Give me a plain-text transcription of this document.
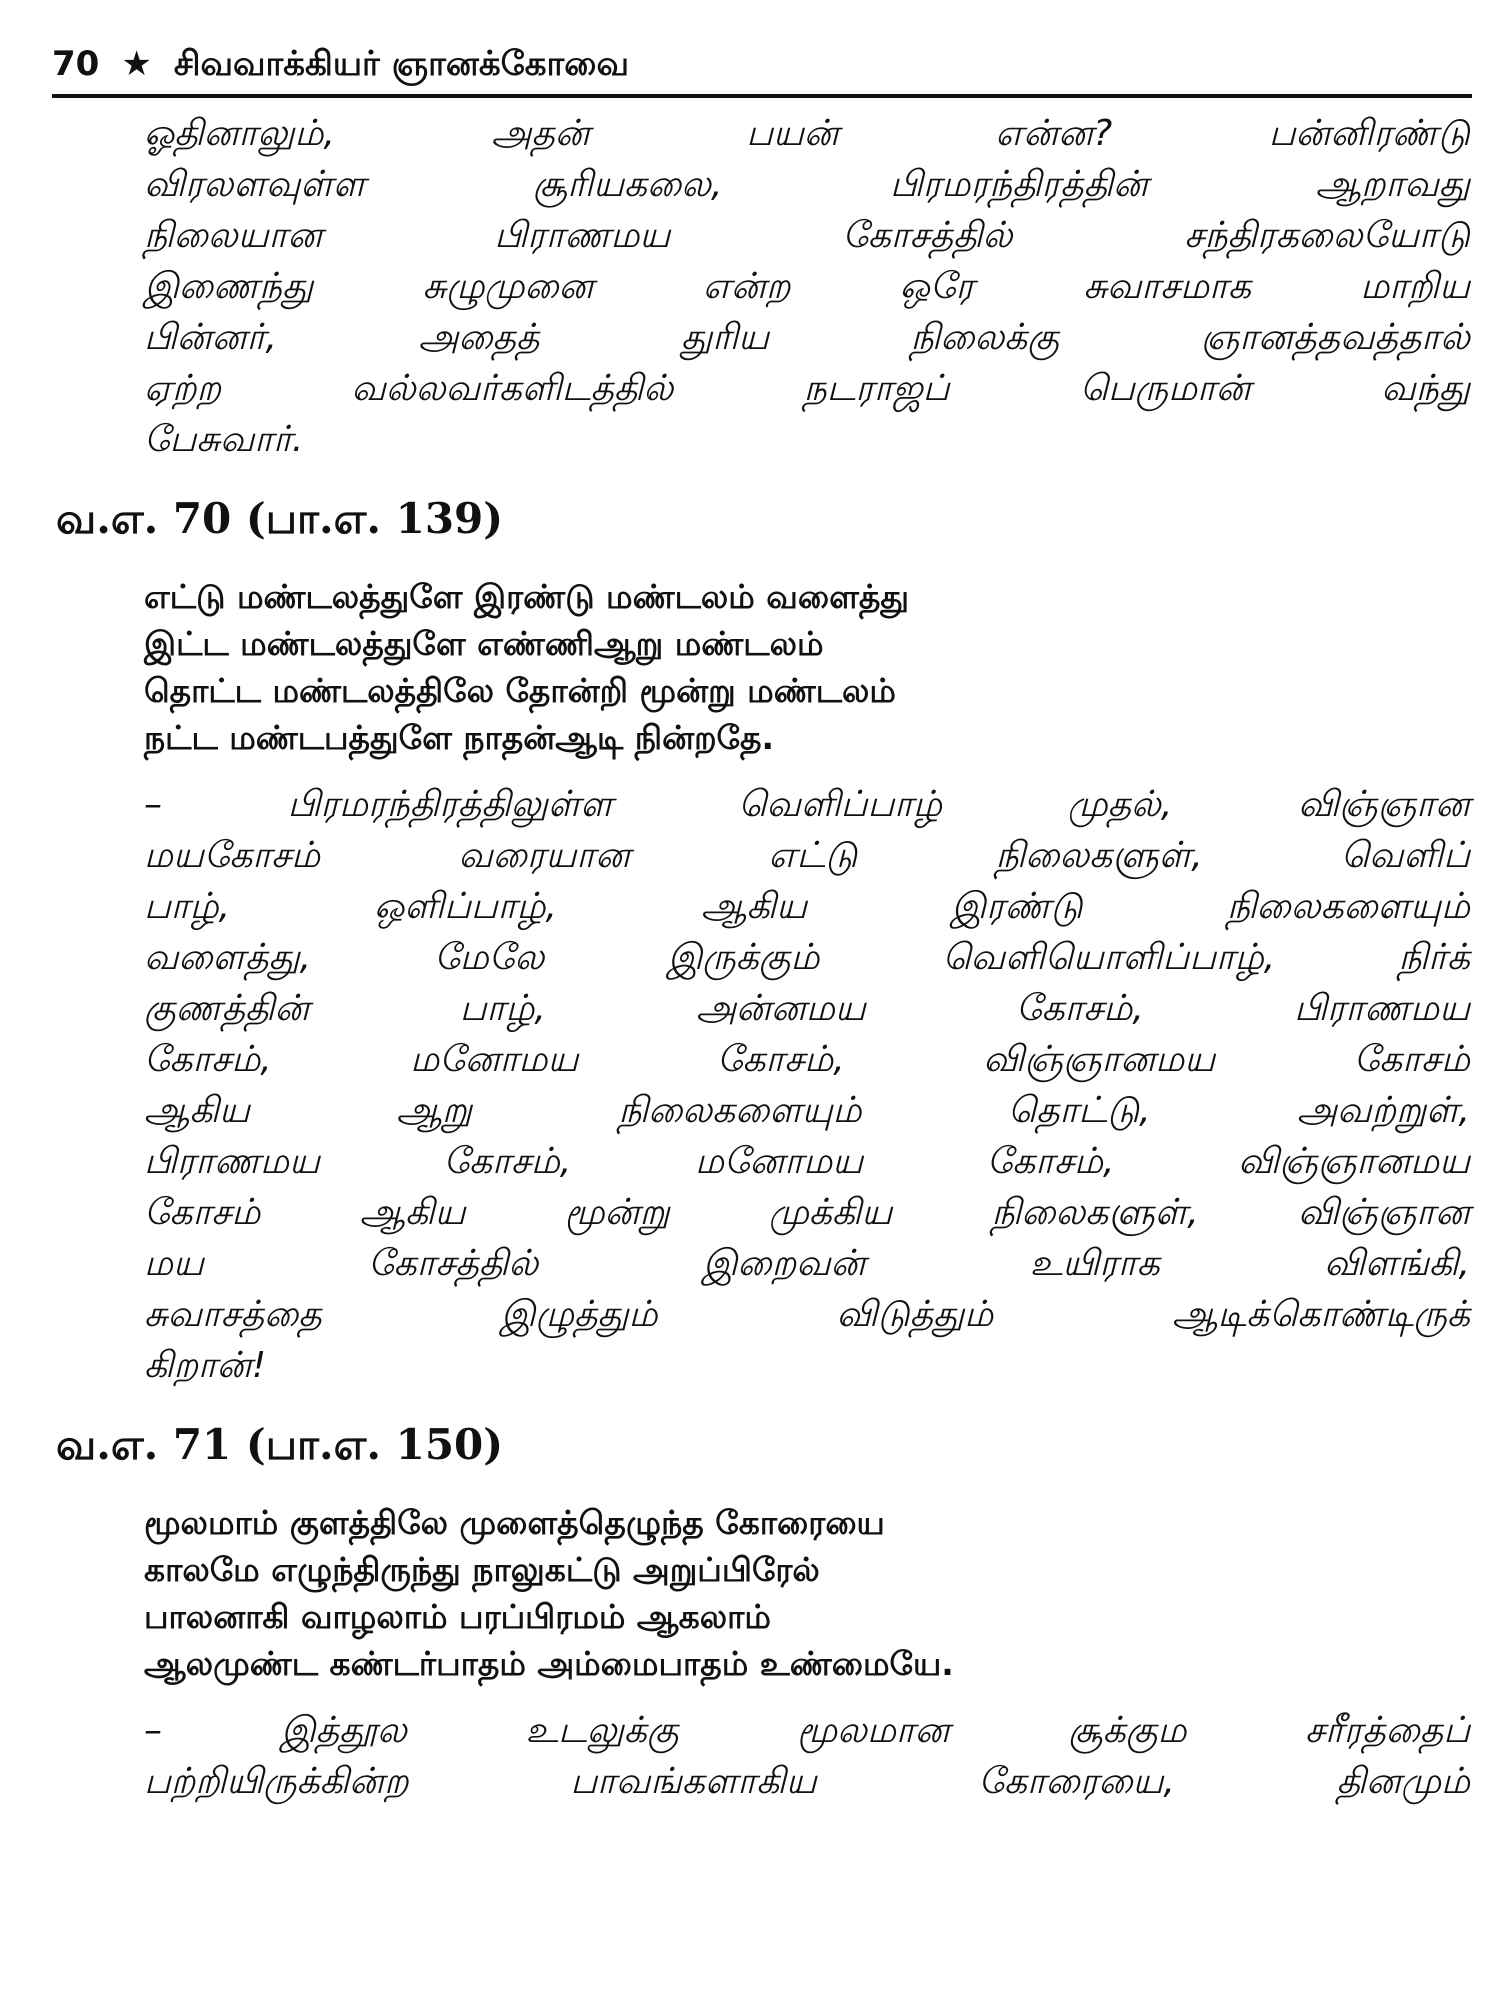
70 ★ சிவவாக்கியர் ஞானக்கோவை
ஓதினாலும், அதன் பயன் என்ன? பன்னிரண்டு
விரலளவுள்ள சூரியகலை, பிரமரந்திரத்தின் ஆறாவது
நிலையான பிராணமய கோசத்தில் சந்திரகலையோடு
இணைந்து சுழுமுனை என்ற ஒரே சுவாசமாக மாறிய
பின்னர், அதைத் துரிய நிலைக்கு ஞானத்தவத்தால்
ஏற்ற வல்லவர்களிடத்தில் நடராஜப் பெருமான் வந்து
பேசுவார்.
வ.எ. 70 (பா.எ. 139)
எட்டு மண்டலத்துளே இரண்டு மண்டலம் வளைத்து
இட்ட மண்டலத்துளே எண்ணிஆறு மண்டலம்
தொட்ட மண்டலத்திலே தோன்றி மூன்று மண்டலம்
நட்ட மண்டபத்துளே நாதன்ஆடி நின்றதே.
– பிரமரந்திரத்திலுள்ள வெளிப்பாழ் முதல், விஞ்ஞான
மயகோசம் வரையான எட்டு நிலைகளுள், வெளிப்
பாழ், ஒளிப்பாழ், ஆகிய இரண்டு நிலைகளையும்
வளைத்து, மேலே இருக்கும் வெளியொளிப்பாழ், நிர்க்
குணத்தின் பாழ், அன்னமய கோசம், பிராணமய
கோசம், மனோமய கோசம், விஞ்ஞானமய கோசம்
ஆகிய ஆறு நிலைகளையும் தொட்டு, அவற்றுள்,
பிராணமய கோசம், மனோமய கோசம், விஞ்ஞானமய
கோசம் ஆகிய மூன்று முக்கிய நிலைகளுள், விஞ்ஞான
மய கோசத்தில் இறைவன் உயிராக விளங்கி,
சுவாசத்தை இழுத்தும் விடுத்தும் ஆடிக்கொண்டிருக்
கிறான்!
வ.எ. 71 (பா.எ. 150)
மூலமாம் குளத்திலே முளைத்தெழுந்த கோரையை
காலமே எழுந்திருந்து நாலுகட்டு அறுப்பிரேல்
பாலனாகி வாழலாம் பரப்பிரமம் ஆகலாம்
ஆலமுண்ட கண்டர்பாதம் அம்மைபாதம் உண்மையே.
– இத்தூல உடலுக்கு மூலமான சூக்கும சரீரத்தைப்
பற்றியிருக்கின்ற பாவங்களாகிய கோரையை, தினமும்
